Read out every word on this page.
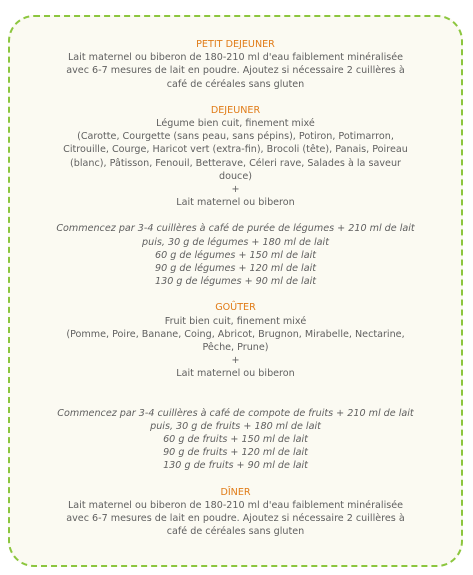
PETIT DEJEUNER
Lait maternel ou biberon de 180-210 ml d'eau faiblement minéralisée
avec 6-7 mesures de lait en poudre. Ajoutez si nécessaire 2 cuillères à
café de céréales sans gluten
DEJEUNER
Légume bien cuit, finement mixé
(Carotte, Courgette (sans peau, sans pépins), Potiron, Potimarron,
Citrouille, Courge, Haricot vert (extra-fin), Brocoli (tête), Panais, Poireau
(blanc), Pâtisson, Fenouil, Betterave, Céleri rave, Salades à la saveur
douce)
+
Lait maternel ou biberon
Commencez par 3-4 cuillères à café de purée de légumes + 210 ml de lait
puis, 30 g de légumes + 180 ml de lait
60 g de légumes + 150 ml de lait
90 g de légumes + 120 ml de lait
130 g de légumes + 90 ml de lait
GOÛTER
Fruit bien cuit, finement mixé
(Pomme, Poire, Banane, Coing, Abricot, Brugnon, Mirabelle, Nectarine,
Pêche, Prune)
+
Lait maternel ou biberon
Commencez par 3-4 cuillères à café de compote de fruits + 210 ml de lait
puis, 30 g de fruits + 180 ml de lait
60 g de fruits + 150 ml de lait
90 g de fruits + 120 ml de lait
130 g de fruits + 90 ml de lait
DÎNER
Lait maternel ou biberon de 180-210 ml d'eau faiblement minéralisée
avec 6-7 mesures de lait en poudre. Ajoutez si nécessaire 2 cuillères à
café de céréales sans gluten
